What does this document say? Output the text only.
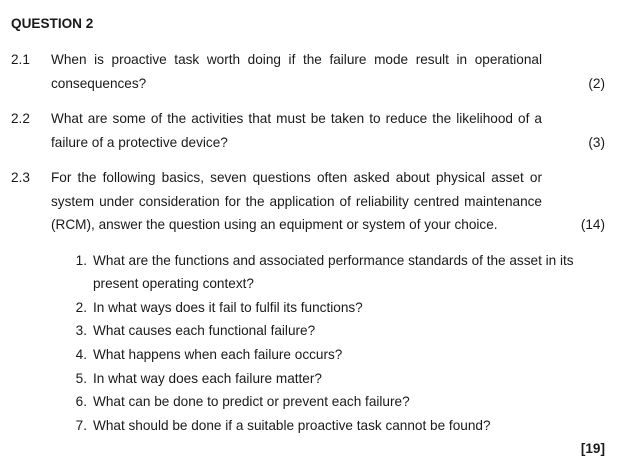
QUESTION 2
2.1 When is proactive task worth doing if the failure mode result in operational
consequences?	(2)
2.2 What are some of the activities that must be taken to reduce the likelihood of a
failure of a protective device?	(3)
2.3 For the following basics, seven questions often asked about physical asset or
system under consideration for the application of reliability centred maintenance
(RCM), answer the question using an equipment or system of your choice.	(14)
1. What are the functions and associated performance standards of the asset in its
present operating context?
2. In what ways does it fail to fulfil its functions?
3. What causes each functional failure?
4. What happens when each failure occurs?
5. In what way does each failure matter?
6. What can be done to predict or prevent each failure?
7. What should be done if a suitable proactive task cannot be found?
[19]
